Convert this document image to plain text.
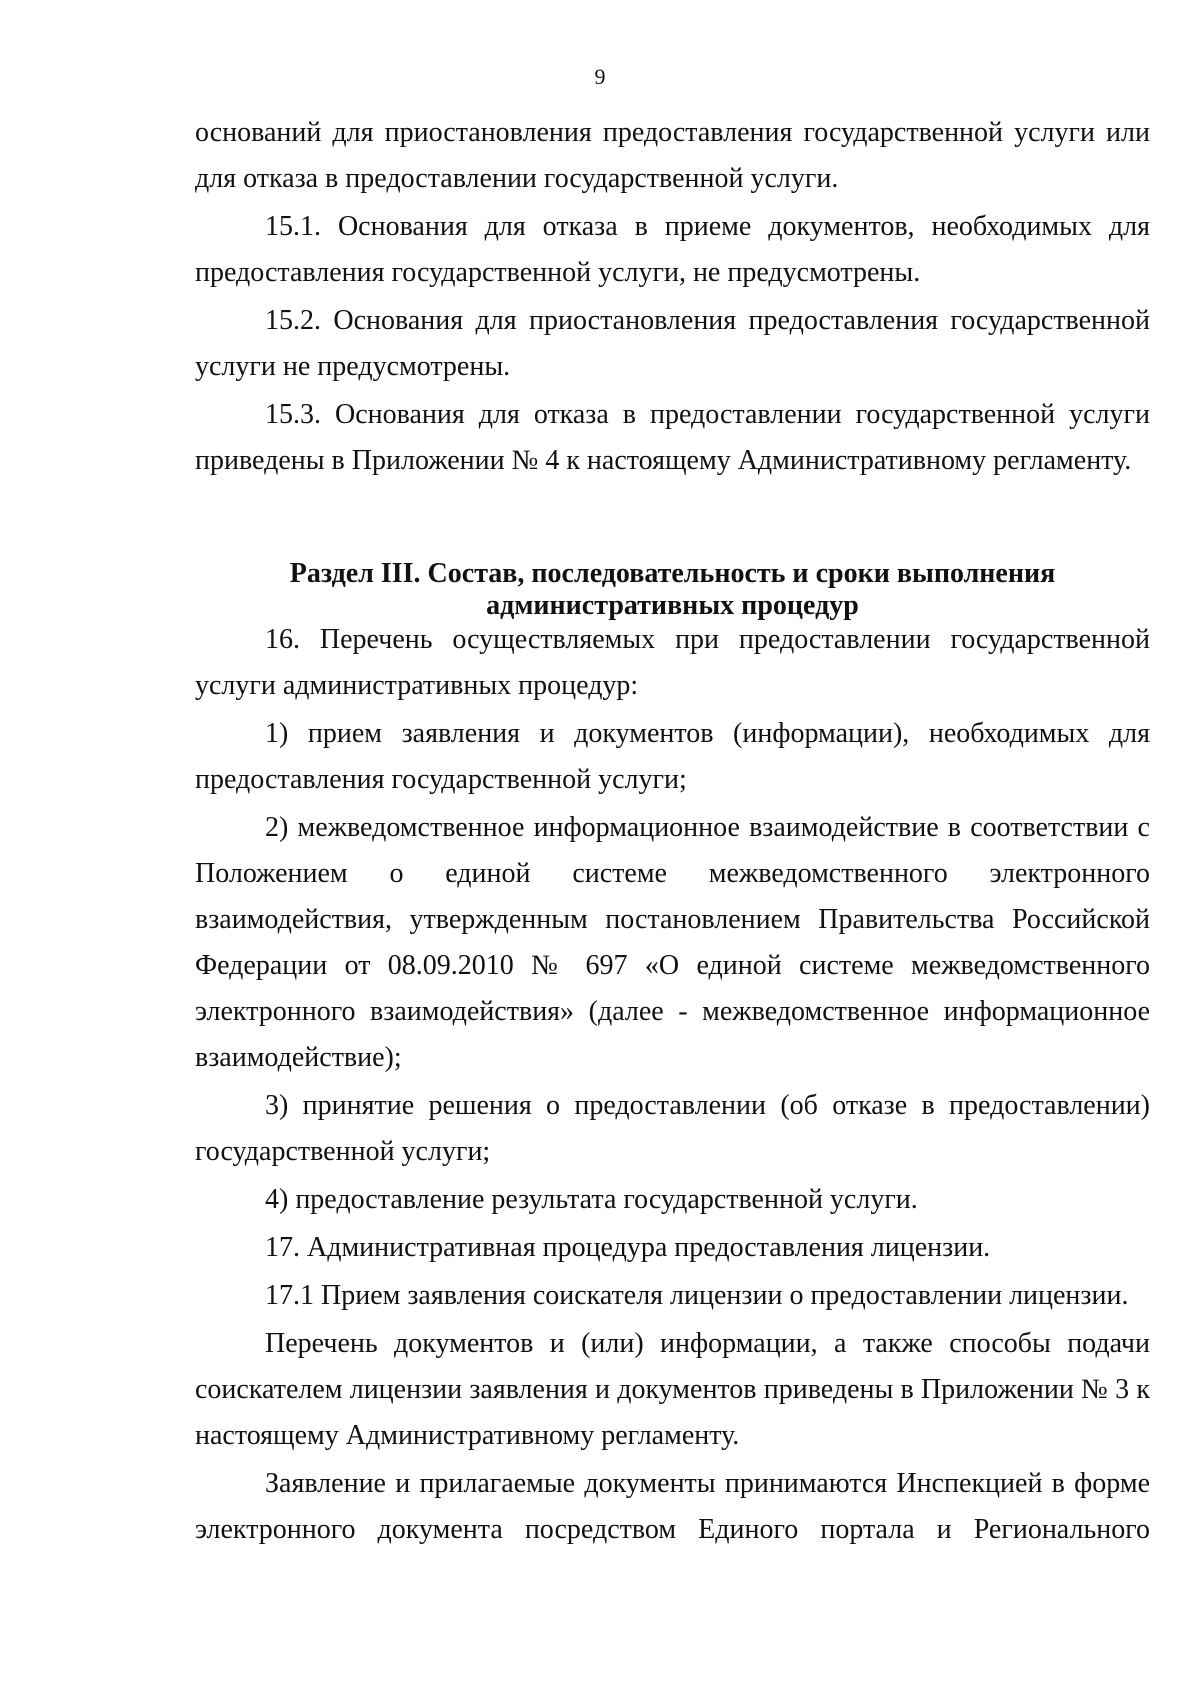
9

оснований для приостановления предоставления государственной услуги или для отказа в предоставлении государственной услуги.

15.1. Основания для отказа в приеме документов, необходимых для предоставления государственной услуги, не предусмотрены.

15.2. Основания для приостановления предоставления государственной услуги не предусмотрены.

15.3. Основания для отказа в предоставлении государственной услуги приведены в Приложении № 4 к настоящему Административному регламенту.

Раздел III. Состав, последовательность и сроки выполнения

административных процедур

16. Перечень осуществляемых при предоставлении государственной услуги административных процедур:

1) прием заявления и документов (информации), необходимых для предоставления государственной услуги;

2) межведомственное информационное взаимодействие в соответствии с Положением о единой системе межведомственного электронного взаимодействия, утвержденным постановлением Правительства Российской Федерации от 08.09.2010 № 697 «О единой системе межведомственного электронного взаимодействия» (далее - межведомственное информационное взаимодействие);

3) принятие решения о предоставлении (об отказе в предоставлении) государственной услуги;

4) предоставление результата государственной услуги.

17. Административная процедура предоставления лицензии.

17.1 Прием заявления соискателя лицензии о предоставлении лицензии.

Перечень документов и (или) информации, а также способы подачи соискателем лицензии заявления и документов приведены в Приложении № 3 к настоящему Административному регламенту.

Заявление и прилагаемые документы принимаются Инспекцией в форме электронного документа посредством Единого портала и Регионального
